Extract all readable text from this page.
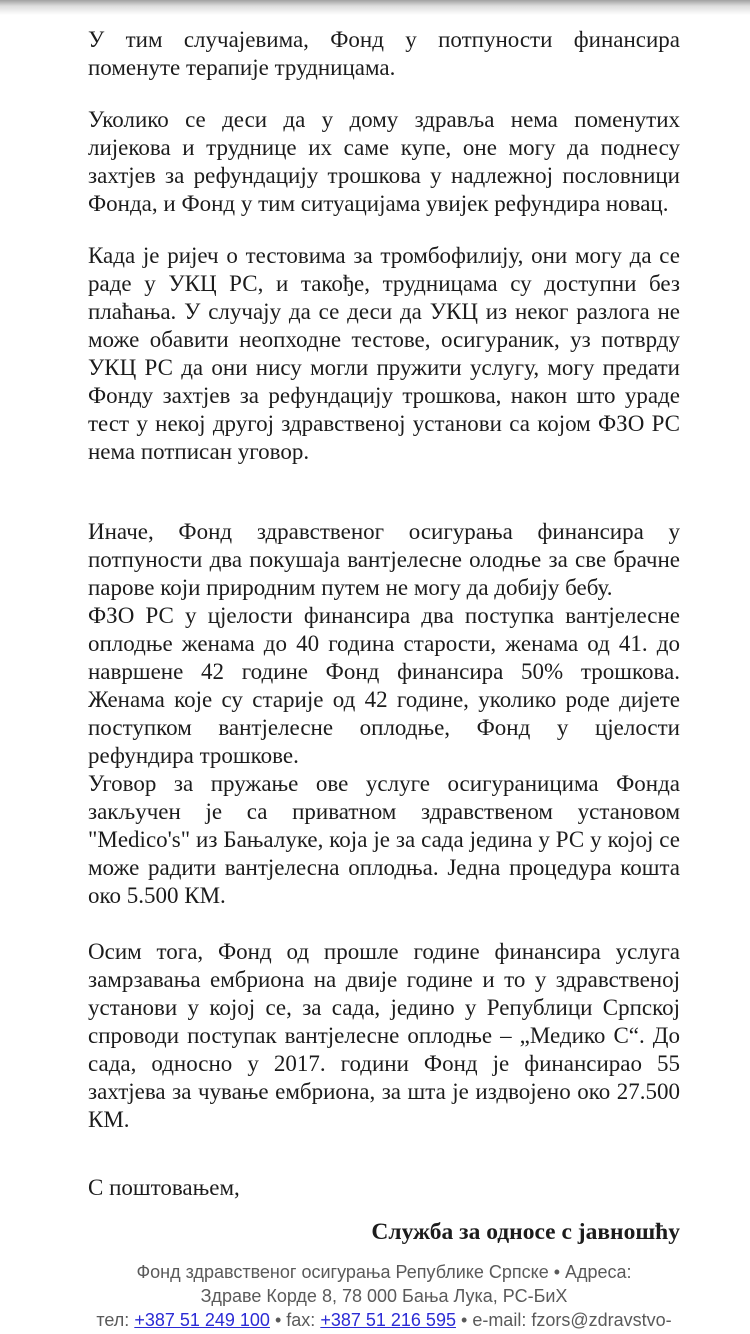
У тим случајевима, Фонд у потпуности финансира поменуте терапије трудницама.

Уколико се деси да у дому здравља нема поменутих лијекова и труднице их саме купе, оне могу да поднесу захтјев за рефундацију трошкова у надлежној пословници Фонда, и Фонд у тим ситуацијама увијек рефундира новац.

Када је ријеч о тестовима за тромбофилију, они могу да се раде у УКЦ РС, и такође, трудницама су доступни без плаћања. У случају да се деси да УКЦ из неког разлога не може обавити неопходне тестове, осигураник, уз потврду УКЦ РС да они нису могли пружити услугу, могу предати Фонду захтјев за рефундацију трошкова, након што ураде тест у некој другој здравственој установи са којом ФЗО РС нема потписан уговор.

Иначе, Фонд здравственог осигурања финансира у потпуности два покушаја вантјелесне олодње за све брачне парове који природним путем не могу да добију бебу.

ФЗО РС у цјелости финансира два поступка вантјелесне оплодње женама до 40 година старости, женама од 41. до навршене 42 године Фонд финансира 50% трошкова. Женама које су старије од 42 године, уколико роде дијете поступком вантјелесне оплодње, Фонд у цјелости рефундира трошкове.

Уговор за пружање ове услуге осигураницима Фонда закључен је са приватном здравственом установом "Medico's" из Бањалуке, која је за сада једина у РС у којој се може радити вантјелесна оплодња. Једна процедура кошта око 5.500 КМ.

Осим тога, Фонд од прошле године финансира услуга замрзавања ембриона на двије године и то у здравственој установи у којој се, за сада, једино у Републици Српској спроводи поступак вантјелесне оплодње – „Медико С“. До сада, односно у 2017. години Фонд је финансирао 55 захтјева за чување ембриона, за шта је издвојено око 27.500 КМ.

С поштовањем,

Служба за односе с јавношћу

Фонд здравственог осигурања Републике Српске • Адреса: Здраве Корде 8, 78 000 Бања Лука, РС-БиХ
тел: +387 51 249 100 • fax: +387 51 216 595 • e-mail: fzors@zdravstvo-
